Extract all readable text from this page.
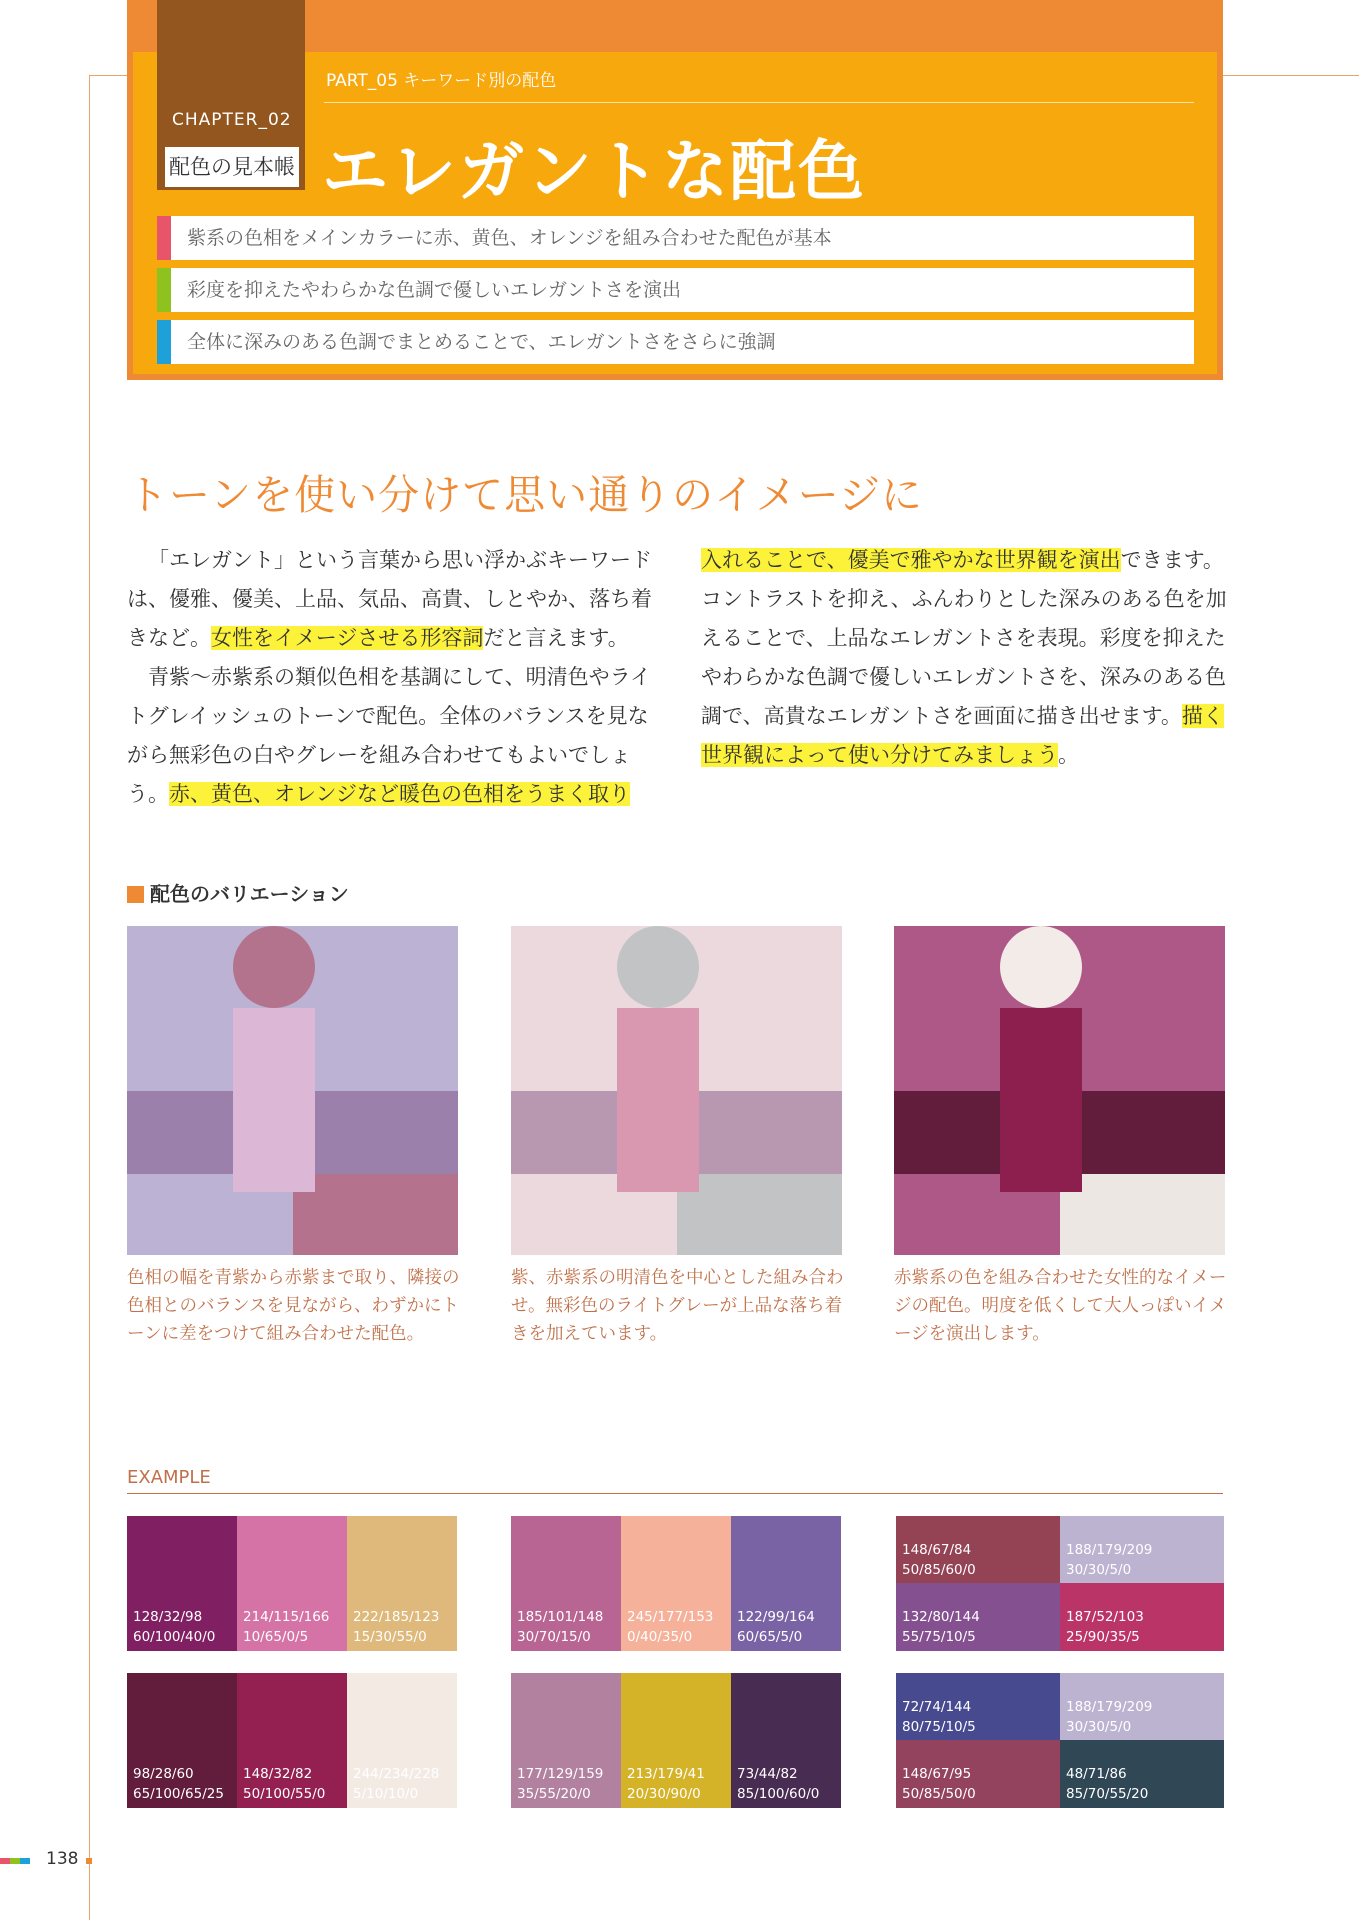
CHAPTER_02
配色の見本帳
PART_05 キーワード別の配色
エレガントな配色
紫系の色相をメインカラーに赤、黄色、オレンジを組み合わせた配色が基本
彩度を抑えたやわらかな色調で優しいエレガントさを演出
全体に深みのある色調でまとめることで、エレガントさをさらに強調
トーンを使い分けて思い通りのイメージに

「エレガント」という言葉から思い浮かぶキーワードは、優雅、優美、上品、気品、高貴、しとやか、落ち着きなど。女性をイメージさせる形容詞だと言えます。

青紫〜赤紫系の類似色相を基調にして、明清色やライトグレイッシュのトーンで配色。全体のバランスを見ながら無彩色の白やグレーを組み合わせてもよいでしょう。赤、黄色、オレンジなど暖色の色相をうまく取り

入れることで、優美で雅やかな世界観を演出できます。コントラストを抑え、ふんわりとした深みのある色を加えることで、上品なエレガントさを表現。彩度を抑えたやわらかな色調で優しいエレガントさを、深みのある色調で、高貴なエレガントさを画面に描き出せます。描く世界観によって使い分けてみましょう。

配色のバリエーション
色相の幅を青紫から赤紫まで取り、隣接の色相とのバランスを見ながら、わずかにトーンに差をつけて組み合わせた配色。
紫、赤紫系の明清色を中心とした組み合わせ。無彩色のライトグレーが上品な落ち着きを加えています。
赤紫系の色を組み合わせた女性的なイメージの配色。明度を低くして大人っぽいイメージを演出します。
EXAMPLE
128/32/98
60/100/40/0
214/115/166
10/65/0/5
222/185/123
15/30/55/0
185/101/148
30/70/15/0
245/177/153
0/40/35/0
122/99/164
60/65/5/0
148/67/84
50/85/60/0
188/179/209
30/30/5/0
132/80/144
55/75/10/5
187/52/103
25/90/35/5
98/28/60
65/100/65/25
148/32/82
50/100/55/0
244/234/228
5/10/10/0
177/129/159
35/55/20/0
213/179/41
20/30/90/0
73/44/82
85/100/60/0
72/74/144
80/75/10/5
188/179/209
30/30/5/0
148/67/95
50/85/50/0
48/71/86
85/70/55/20
138
